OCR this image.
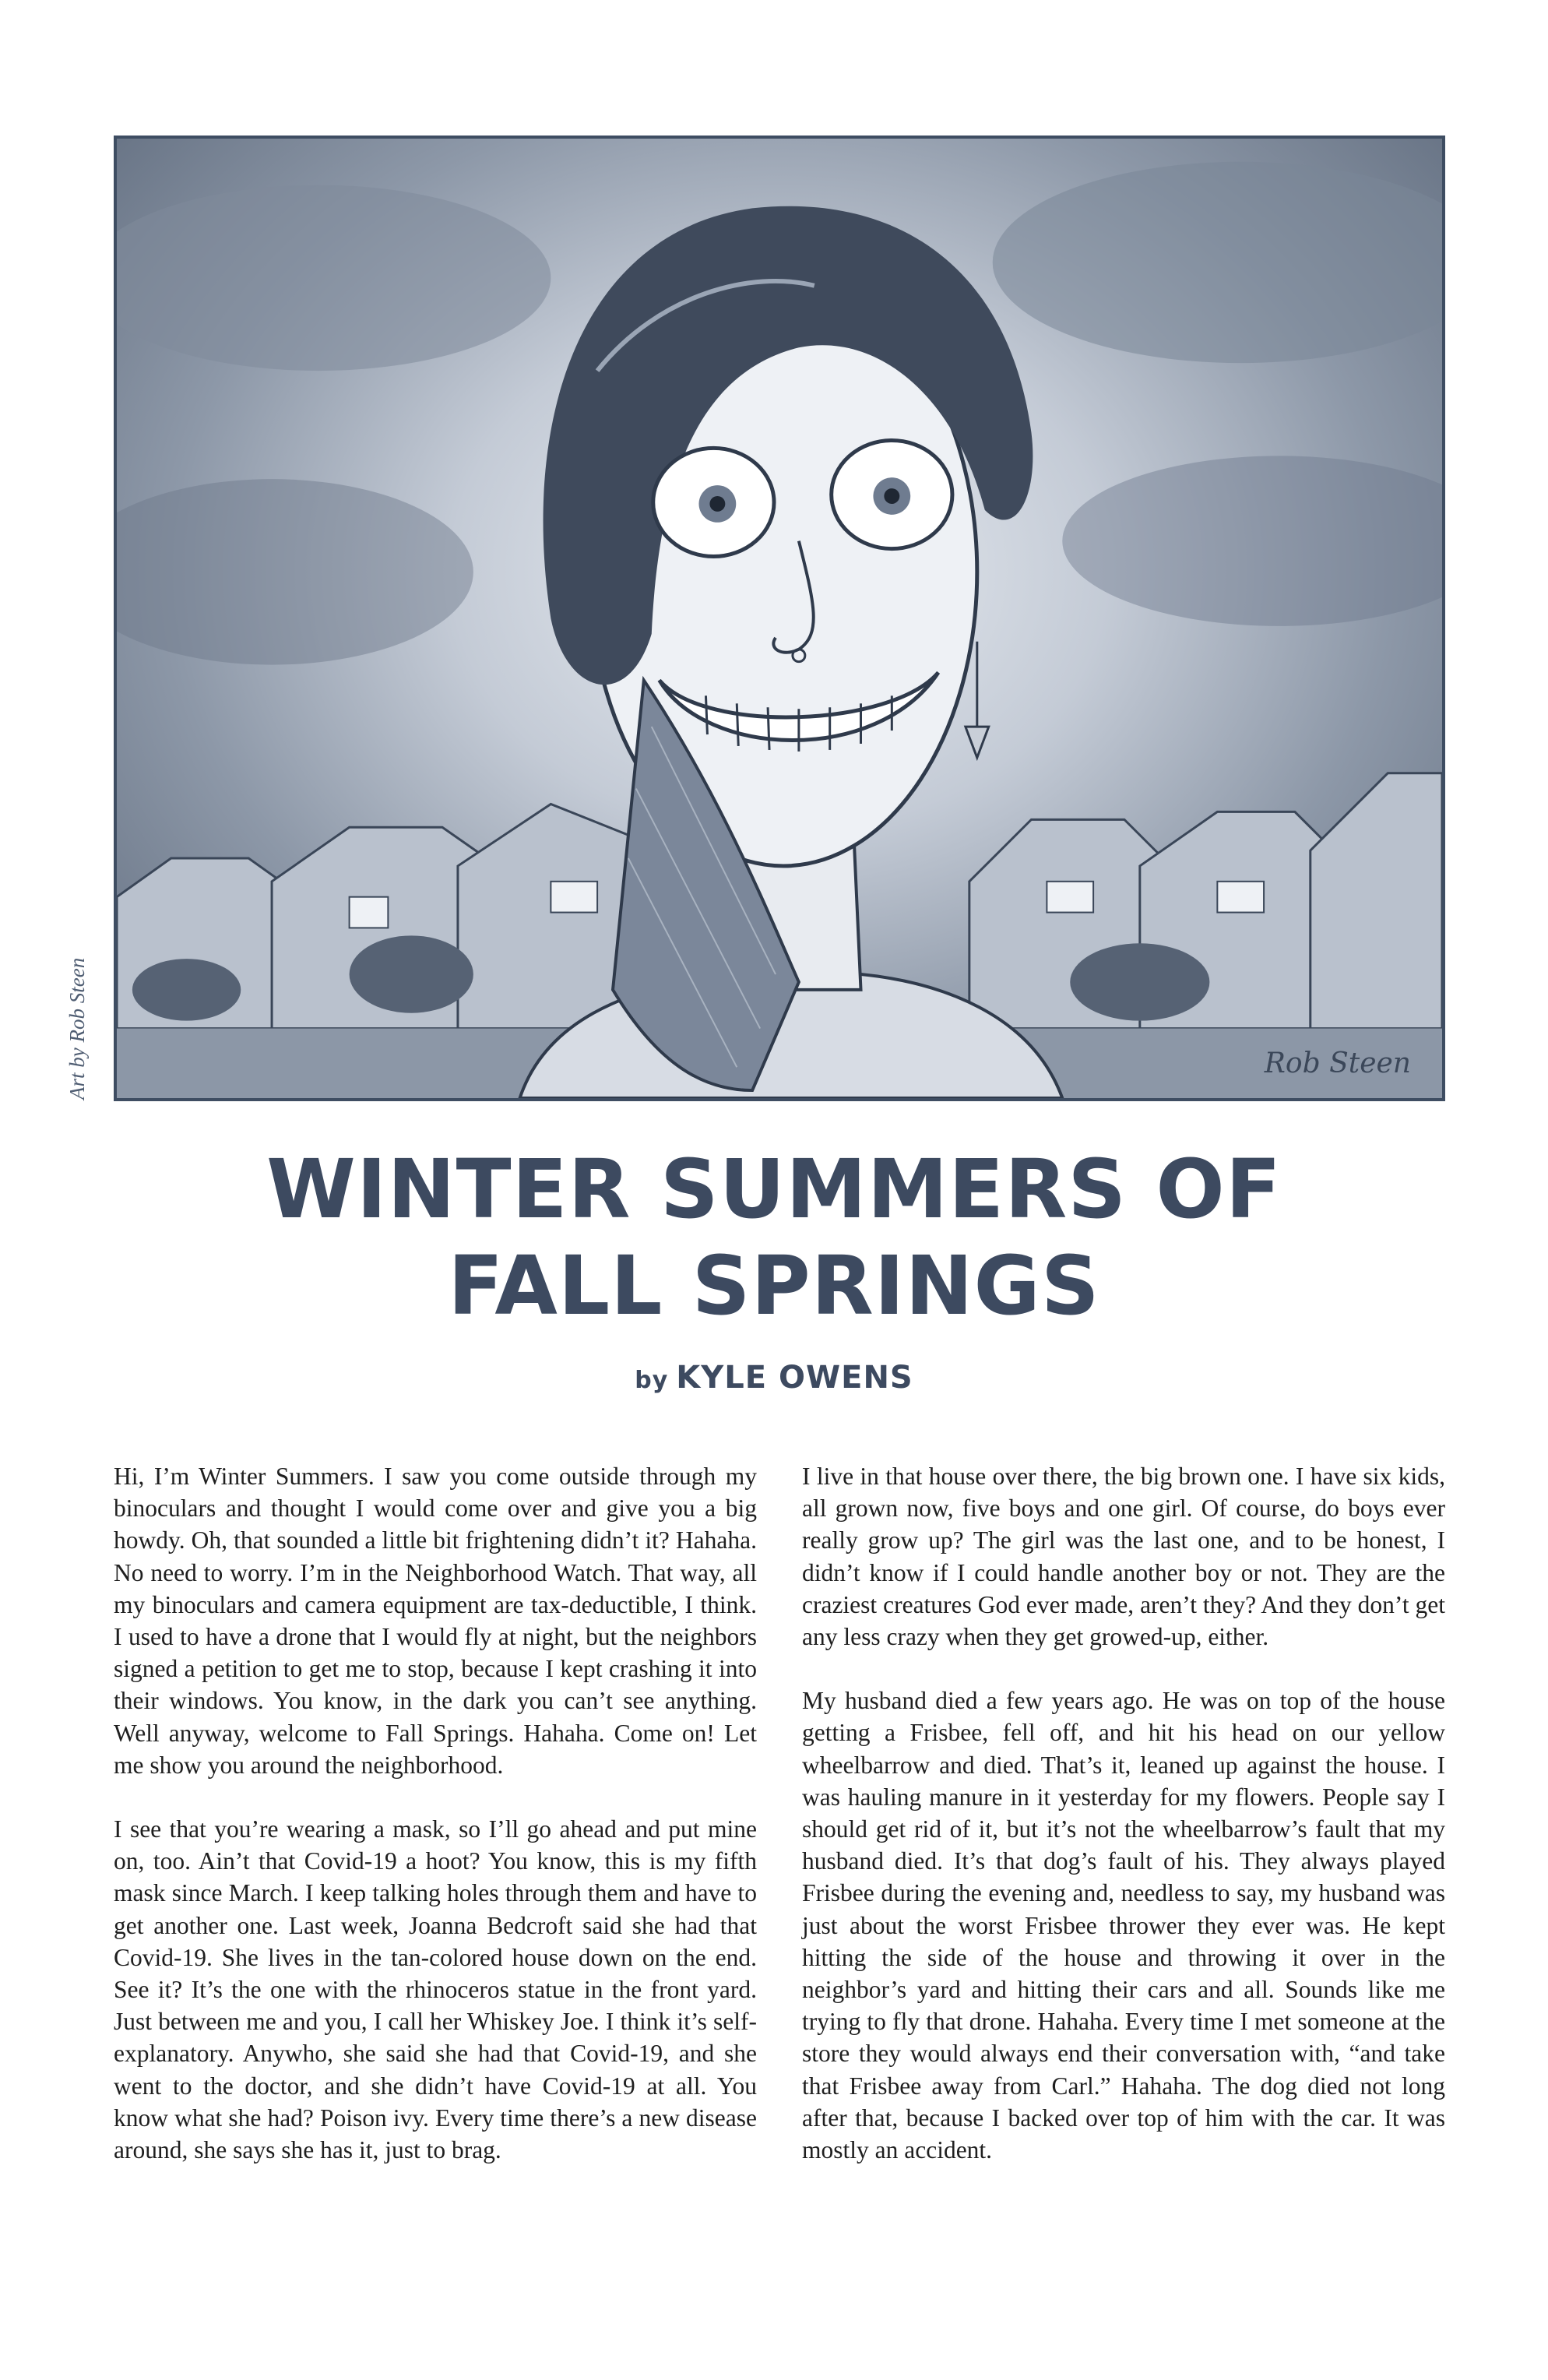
Rob Steen
Art by Rob Steen
WINTER SUMMERS OF
FALL SPRINGS
by KYLE OWENS

Hi, I’m Winter Summers. I saw you come outside through my binoculars and thought I would come over and give you a big howdy. Oh, that sounded a little bit frightening didn’t it? Hahaha. No need to worry. I’m in the Neighborhood Watch. That way, all my binoculars and camera equipment are tax-deductible, I think. I used to have a drone that I would fly at night, but the neighbors signed a petition to get me to stop, because I kept crashing it into their windows. You know, in the dark you can’t see anything. Well anyway, welcome to Fall Springs. Hahaha. Come on! Let me show you around the neighborhood.

I see that you’re wearing a mask, so I’ll go ahead and put mine on, too. Ain’t that Covid-19 a hoot? You know, this is my fifth mask since March. I keep talking holes through them and have to get another one. Last week, Joanna Bedcroft said she had that Covid-19. She lives in the tan-colored house down on the end. See it? It’s the one with the rhinoceros statue in the front yard. Just between me and you, I call her Whiskey Joe. I think it’s self-explanatory. Anywho, she said she had that Covid-19, and she went to the doctor, and she didn’t have Covid-19 at all. You know what she had? Poison ivy. Every time there’s a new disease around, she says she has it, just to brag.

I live in that house over there, the big brown one. I have six kids, all grown now, five boys and one girl. Of course, do boys ever really grow up? The girl was the last one, and to be honest, I didn’t know if I could handle another boy or not. They are the craziest creatures God ever made, aren’t they? And they don’t get any less crazy when they get growed-up, either.

My husband died a few years ago. He was on top of the house getting a Frisbee, fell off, and hit his head on our yellow wheelbarrow and died. That’s it, leaned up against the house. I was hauling manure in it yesterday for my flowers. People say I should get rid of it, but it’s not the wheelbarrow’s fault that my husband died. It’s that dog’s fault of his. They always played Frisbee during the evening and, needless to say, my husband was just about the worst Frisbee thrower they ever was. He kept hitting the side of the house and throwing it over in the neighbor’s yard and hitting their cars and all. Sounds like me trying to fly that drone. Hahaha. Every time I met someone at the store they would always end their conversation with, “and take that Frisbee away from Carl.” Hahaha. The dog died not long after that, because I backed over top of him with the car. It was mostly an accident.
